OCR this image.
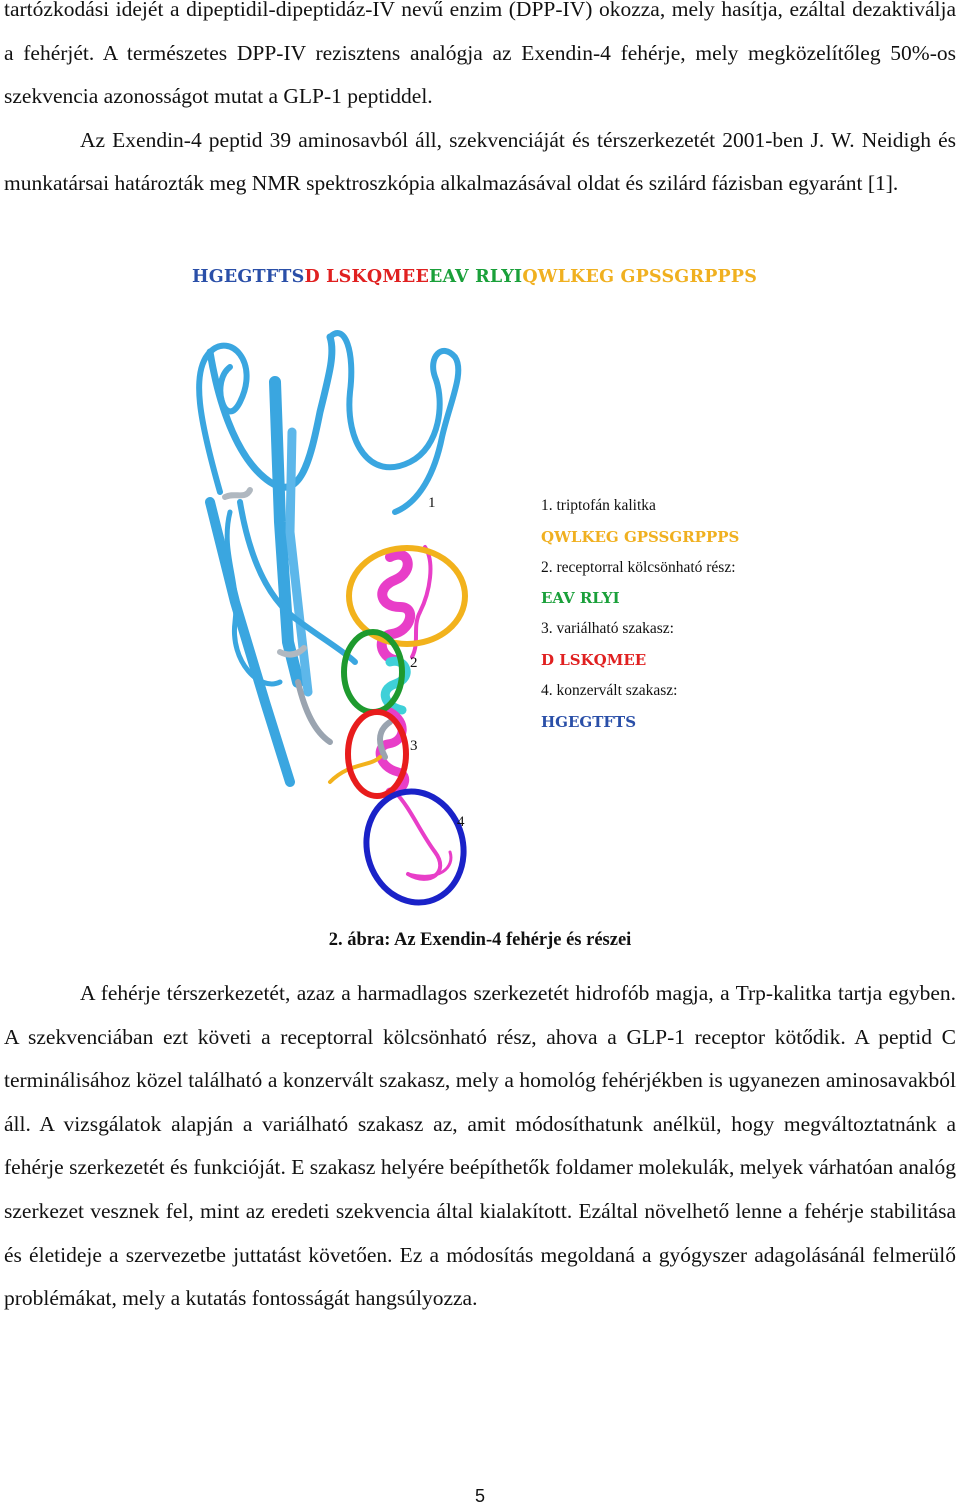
tartózkodási idejét a dipeptidil-dipeptidáz-IV nevű enzim (DPP-IV) okozza, mely hasítja, ezáltal dezaktiválja a fehérjét. A természetes DPP-IV rezisztens analógja az Exendin-4 fehérje, mely megközelítőleg 50%-os szekvencia azonosságot mutat a GLP-1 peptiddel.
Az Exendin-4 peptid 39 aminosavból áll, szekvenciáját és térszerkezetét 2001-ben J. W. Neidigh és munkatársai határozták meg NMR spektroszkópia alkalmazásával oldat és szilárd fázisban egyaránt [1].

HGEGTFTSD LSKQMEEEAV RLYIQWLKEG GPSSGRPPPS
1
2
3
4
1. triptofán kalitka
QWLKEG GPSSGRPPPS
2. receptorral kölcsönható rész:
EAV RLYI
3. variálható szakasz:
D LSKQMEE
4. konzervált szakasz:
HGEGTFTS
2. ábra: Az Exendin-4 fehérje és részei

A fehérje térszerkezetét, azaz a harmadlagos szerkezetét hidrofób magja, a Trp-kalitka tartja egyben. A szekvenciában ezt követi a receptorral kölcsönható rész, ahova a GLP-1 receptor kötődik. A peptid C terminálisához közel található a konzervált szakasz, mely a homológ fehérjékben is ugyanezen aminosavakból áll. A vizsgálatok alapján a variálható szakasz az, amit módosíthatunk anélkül, hogy megváltoztatnánk a fehérje szerkezetét és funkcióját. E szakasz helyére beépíthetők foldamer molekulák, melyek várhatóan analóg szerkezet vesznek fel, mint az eredeti szekvencia által kialakított. Ezáltal növelhető lenne a fehérje stabilitása és életideje a szervezetbe juttatást követően. Ez a módosítás megoldaná a gyógyszer adagolásánál felmerülő problémákat, mely a kutatás fontosságát hangsúlyozza.

5
